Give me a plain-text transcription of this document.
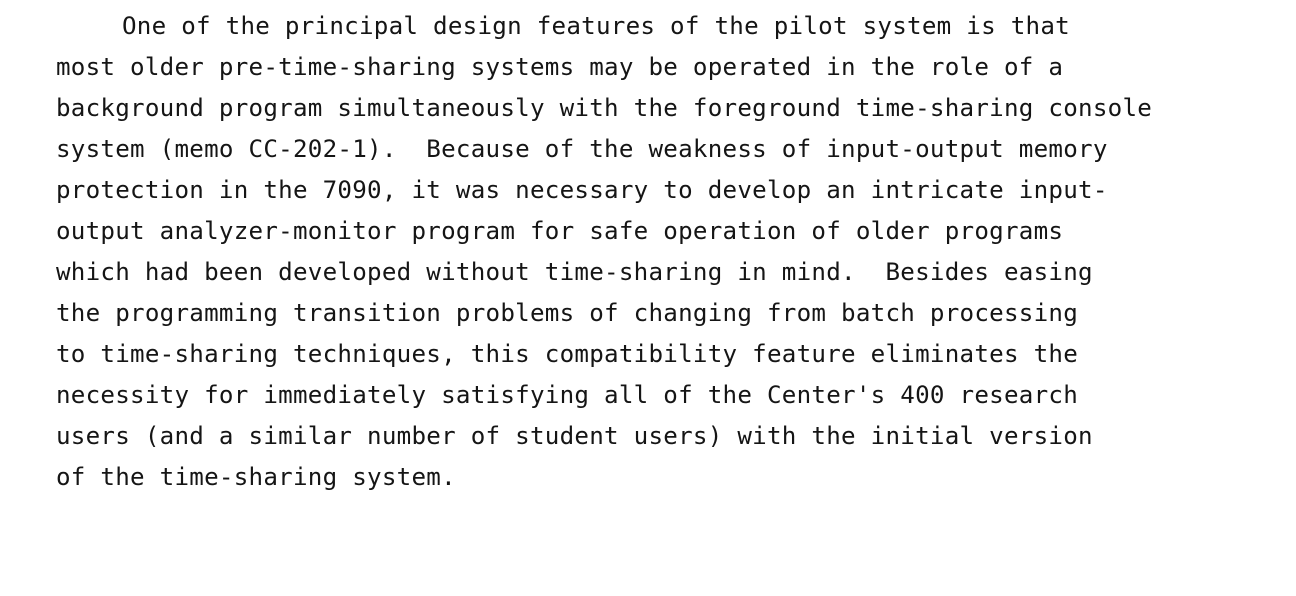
One of the principal design features of the pilot system is that
most older pre-time-sharing systems may be operated in the role of a
background program simultaneously with the foreground time-sharing console
system (memo CC-202-1).  Because of the weakness of input-output memory
protection in the 7090, it was necessary to develop an intricate input-
output analyzer-monitor program for safe operation of older programs
which had been developed without time-sharing in mind.  Besides easing
the programming transition problems of changing from batch processing
to time-sharing techniques, this compatibility feature eliminates the
necessity for immediately satisfying all of the Center's 400 research
users (and a similar number of student users) with the initial version
of the time-sharing system.
